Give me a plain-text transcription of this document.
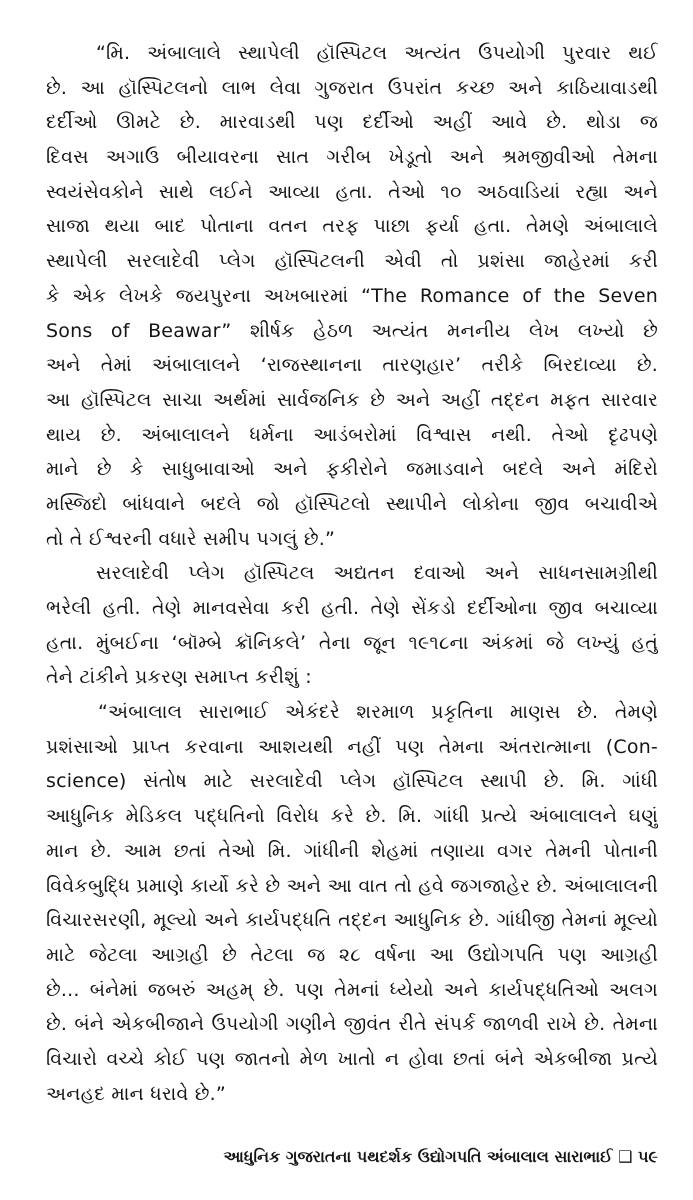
“મિ. અંબાલાલે સ્થાપેલી હૉસ્પિટલ અત્યંત ઉપયોગી પુરવાર થઈ
છે. આ હૉસ્પિટલનો લાભ લેવા ગુજરાત ઉપરાંત કચ્છ અને કાઠિયાવાડથી
દર્દીઓ ઊમટે છે. મારવાડથી પણ દર્દીઓ અહીં આવે છે. થોડા જ
દિવસ અગાઉ બીયાવરના સાત ગરીબ ખેડૂતો અને શ્રમજીવીઓ તેમના
સ્વયંસેવકોને સાથે લઈને આવ્યા હતા. તેઓ ૧૦ અઠવાડિયાં રહ્યા અને
સાજા થયા બાદ પોતાના વતન તરફ પાછા ફર્યા હતા. તેમણે અંબાલાલે
સ્થાપેલી સરલાદેવી પ્લેગ હૉસ્પિટલની એવી તો પ્રશંસા જાહેરમાં કરી
કે એક લેખકે જયપુરના અખબારમાં “The Romance of the Seven
Sons of Beawar” શીર્ષક હેઠળ અત્યંત મનનીય લેખ લખ્યો છે
અને તેમાં અંબાલાલને ‘રાજસ્થાનના તારણહાર’ તરીકે બિરદાવ્યા છે.
આ હૉસ્પિટલ સાચા અર્થમાં સાર્વજનિક છે અને અહીં તદ્દન મફત સારવાર
થાય છે. અંબાલાલને ધર્મના આડંબરોમાં વિશ્વાસ નથી. તેઓ દૃઢપણે
માને છે કે સાધુબાવાઓ અને ફકીરોને જમાડવાને બદલે અને મંદિરો
મસ્જિદો બાંધવાને બદલે જો હૉસ્પિટલો સ્થાપીને લોકોના જીવ બચાવીએ
તો તે ઈશ્વરની વધારે સમીપ પગલું છે.”
સરલાદેવી પ્લેગ હૉસ્પિટલ અદ્યતન દવાઓ અને સાધનસામગ્રીથી
ભરેલી હતી. તેણે માનવસેવા કરી હતી. તેણે સેંકડો દર્દીઓના જીવ બચાવ્યા
હતા. મુંબઈના ‘બૉમ્બે ક્રૉનિકલે’ તેના જૂન ૧૯૧૮ના અંકમાં જે લખ્યું હતું
તેને ટાંકીને પ્રકરણ સમાપ્ત કરીશું :
“અંબાલાલ સારાભાઈ એકંદરે શરમાળ પ્રકૃતિના માણસ છે. તેમણે
પ્રશંસાઓ પ્રાપ્ત કરવાના આશયથી નહીં પણ તેમના અંતરાત્માના (Con-
science) સંતોષ માટે સરલાદેવી પ્લેગ હૉસ્પિટલ સ્થાપી છે. મિ. ગાંધી
આધુનિક મેડિકલ પદ્ધતિનો વિરોધ કરે છે. મિ. ગાંધી પ્રત્યે અંબાલાલને ઘણું
માન છે. આમ છતાં તેઓ મિ. ગાંધીની શેહમાં તણાયા વગર તેમની પોતાની
વિવેકબુદ્ધિ પ્રમાણે કાર્યો કરે છે અને આ વાત તો હવે જગજાહેર છે. અંબાલાલની
વિચારસરણી, મૂલ્યો અને કાર્યપદ્ધતિ તદ્દન આધુનિક છે. ગાંધીજી તેમનાં મૂલ્યો
માટે જેટલા આગ્રહી છે તેટલા જ ૨૮ વર્ષના આ ઉદ્યોગપતિ પણ આગ્રહી
છે... બંનેમાં જબરું અહમ્ છે. પણ તેમનાં ધ્યેયો અને કાર્યપદ્ધતિઓ અલગ
છે. બંને એકબીજાને ઉપયોગી ગણીને જીવંત રીતે સંપર્ક જાળવી રાખે છે. તેમના
વિચારો વચ્ચે કોઈ પણ જાતનો મેળ ખાતો ન હોવા છતાં બંને એકબીજા પ્રત્યે
અનહદ માન ધરાવે છે.”
આધુનિક ગુજરાતના પથદર્શક ઉદ્યોગપતિ અંબાલાલ સારાભાઈ ❑ ૫૯
